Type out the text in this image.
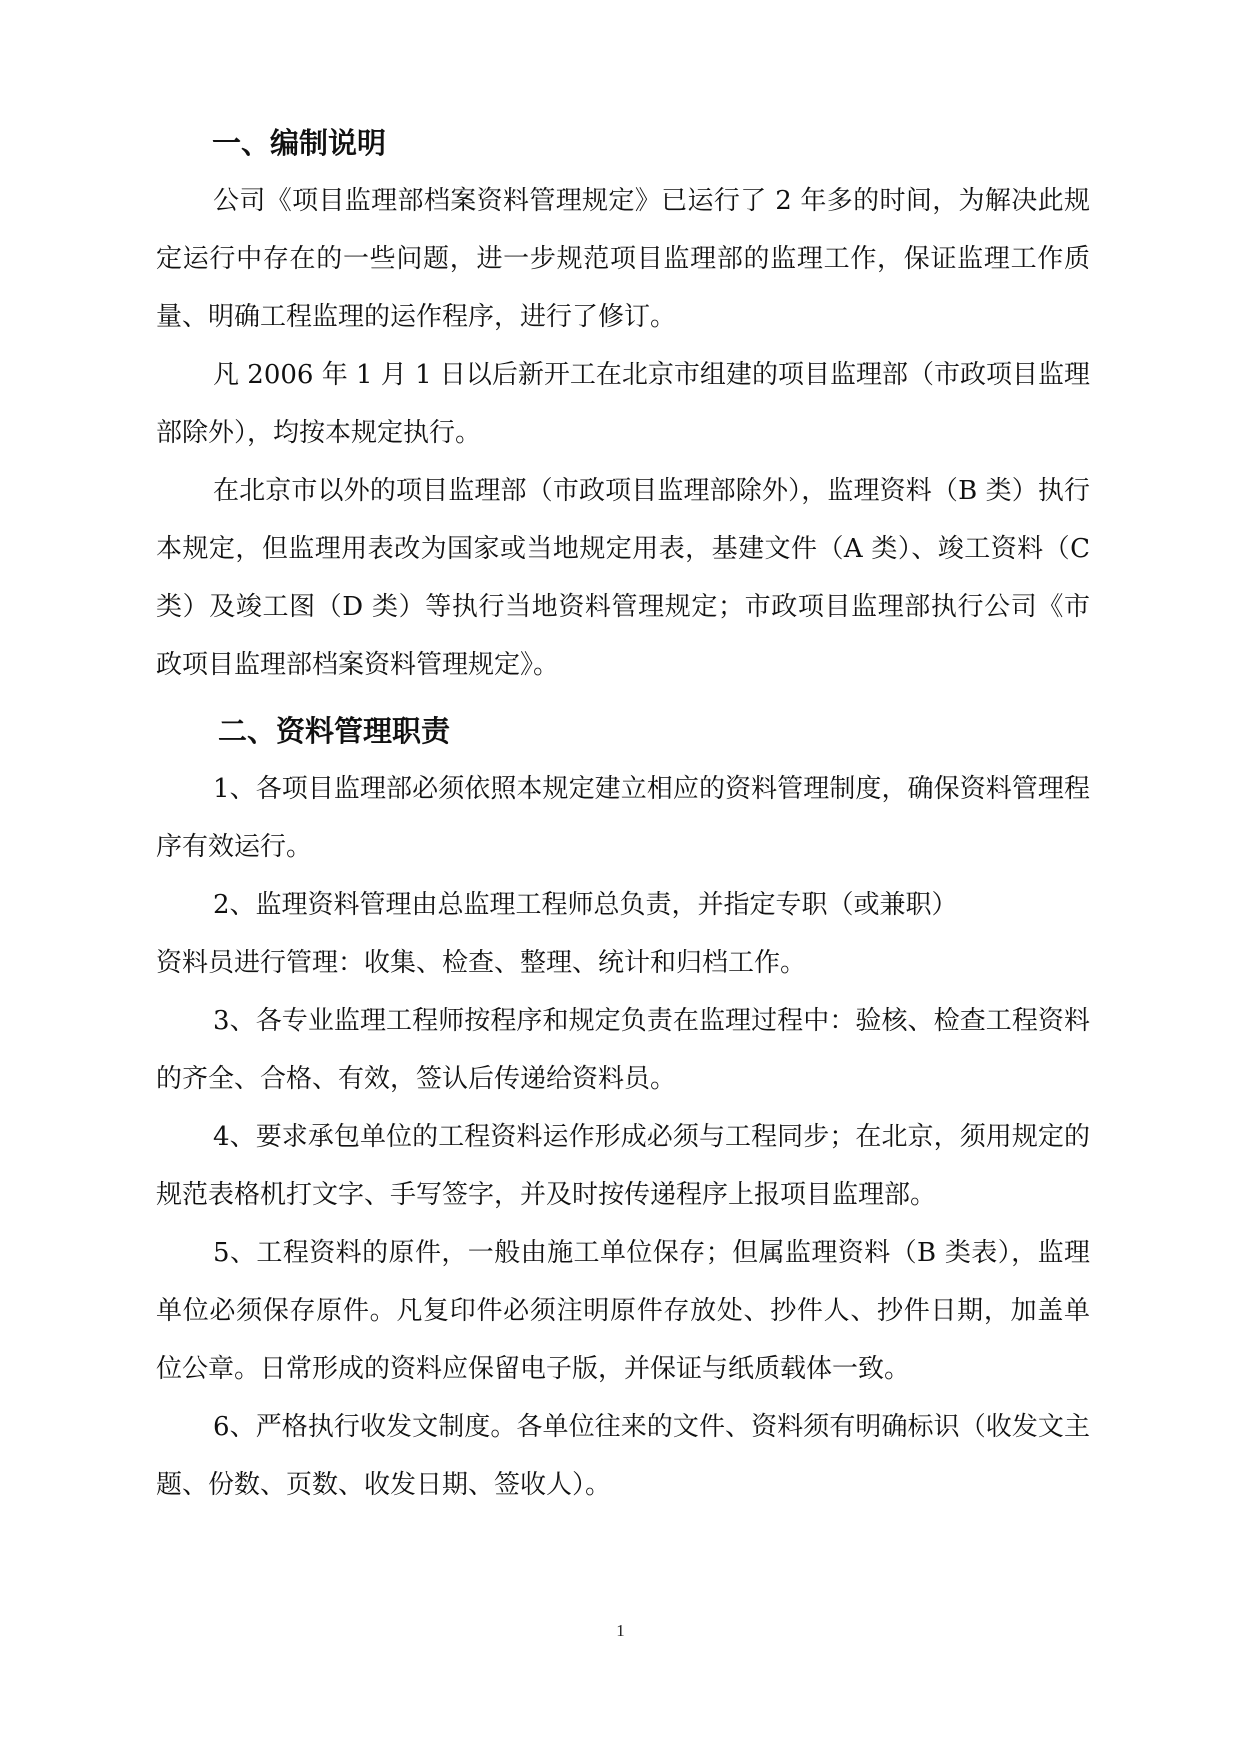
一、编制说明

公司《项目监理部档案资料管理规定》已运行了 2 年多的时间，为解决此规定运行中存在的一些问题，进一步规范项目监理部的监理工作，保证监理工作质量、明确工程监理的运作程序，进行了修订。

凡 2006 年 1 月 1 日以后新开工在北京市组建的项目监理部（市政项目监理部除外），均按本规定执行。

在北京市以外的项目监理部（市政项目监理部除外），监理资料（B 类）执行本规定，但监理用表改为国家或当地规定用表，基建文件（A 类）、竣工资料（C 类）及竣工图（D 类）等执行当地资料管理规定；市政项目监理部执行公司《市政项目监理部档案资料管理规定》。

二、资料管理职责

1、各项目监理部必须依照本规定建立相应的资料管理制度，确保资料管理程序有效运行。

2、监理资料管理由总监理工程师总负责，并指定专职（或兼职）

资料员进行管理：收集、检查、整理、统计和归档工作。

3、各专业监理工程师按程序和规定负责在监理过程中：验核、检查工程资料的齐全、合格、有效，签认后传递给资料员。

4、要求承包单位的工程资料运作形成必须与工程同步；在北京，须用规定的规范表格机打文字、手写签字，并及时按传递程序上报项目监理部。

5、工程资料的原件，一般由施工单位保存；但属监理资料（B 类表），监理单位必须保存原件。凡复印件必须注明原件存放处、抄件人、抄件日期，加盖单位公章。日常形成的资料应保留电子版，并保证与纸质载体一致。

6、严格执行收发文制度。各单位往来的文件、资料须有明确标识（收发文主题、份数、页数、收发日期、签收人）。

1
